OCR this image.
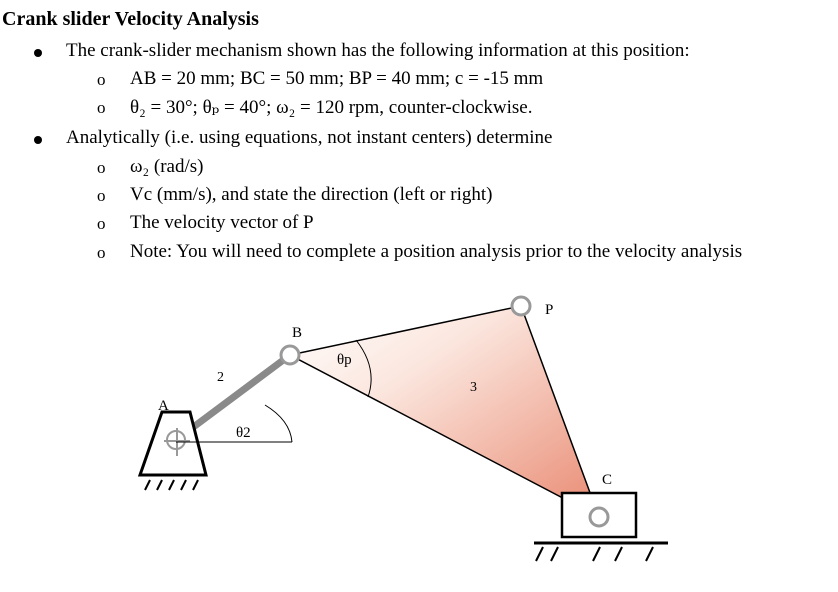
Crank slider Velocity Analysis
The crank-slider mechanism shown has the following information at this position:
o AB = 20 mm; BC = 50 mm; BP = 40 mm; c = -15 mm
o θ₂ = 30°; θₚ = 40°; ω₂ = 120 rpm, counter-clockwise.
Analytically (i.e. using equations, not instant centers) determine
o ω₂ (rad/s)
o Vc (mm/s), and state the direction (left or right)
o The velocity vector of P
o Note: You will need to complete a position analysis prior to the velocity analysis
A
B
P
C
2
3
θ2
θp
